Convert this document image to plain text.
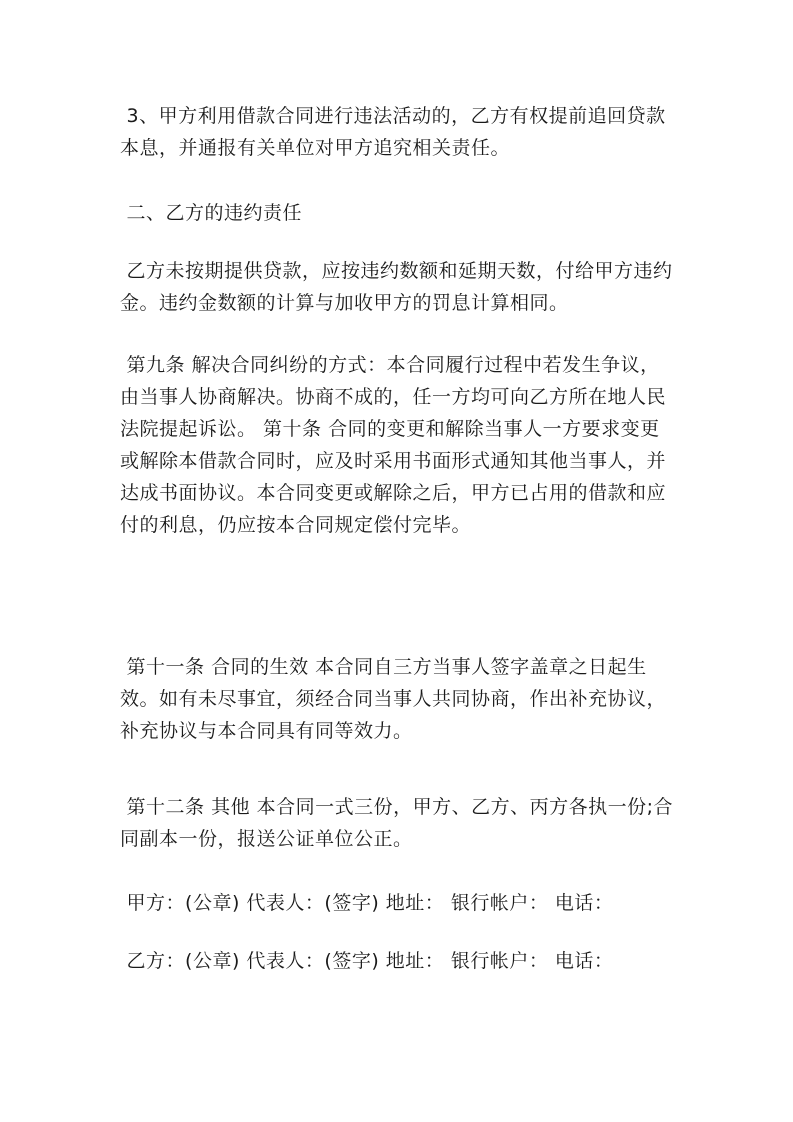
3、甲方利用借款合同进行违法活动的，乙方有权提前追回贷款本息，并通报有关单位对甲方追究相关责任。

二、乙方的违约责任

乙方未按期提供贷款，应按违约数额和延期天数，付给甲方违约金。违约金数额的计算与加收甲方的罚息计算相同。

第九条 解决合同纠纷的方式：本合同履行过程中若发生争议，由当事人协商解决。协商不成的，任一方均可向乙方所在地人民法院提起诉讼。 第十条 合同的变更和解除当事人一方要求变更或解除本借款合同时，应及时采用书面形式通知其他当事人，并达成书面协议。本合同变更或解除之后，甲方已占用的借款和应付的利息，仍应按本合同规定偿付完毕。

第十一条 合同的生效 本合同自三方当事人签字盖章之日起生效。如有未尽事宜，须经合同当事人共同协商，作出补充协议，补充协议与本合同具有同等效力。

第十二条 其他 本合同一式三份，甲方、乙方、丙方各执一份;合同副本一份，报送公证单位公正。

甲方：(公章) 代表人：(签字) 地址： 银行帐户： 电话：

乙方：(公章) 代表人：(签字) 地址： 银行帐户： 电话：
